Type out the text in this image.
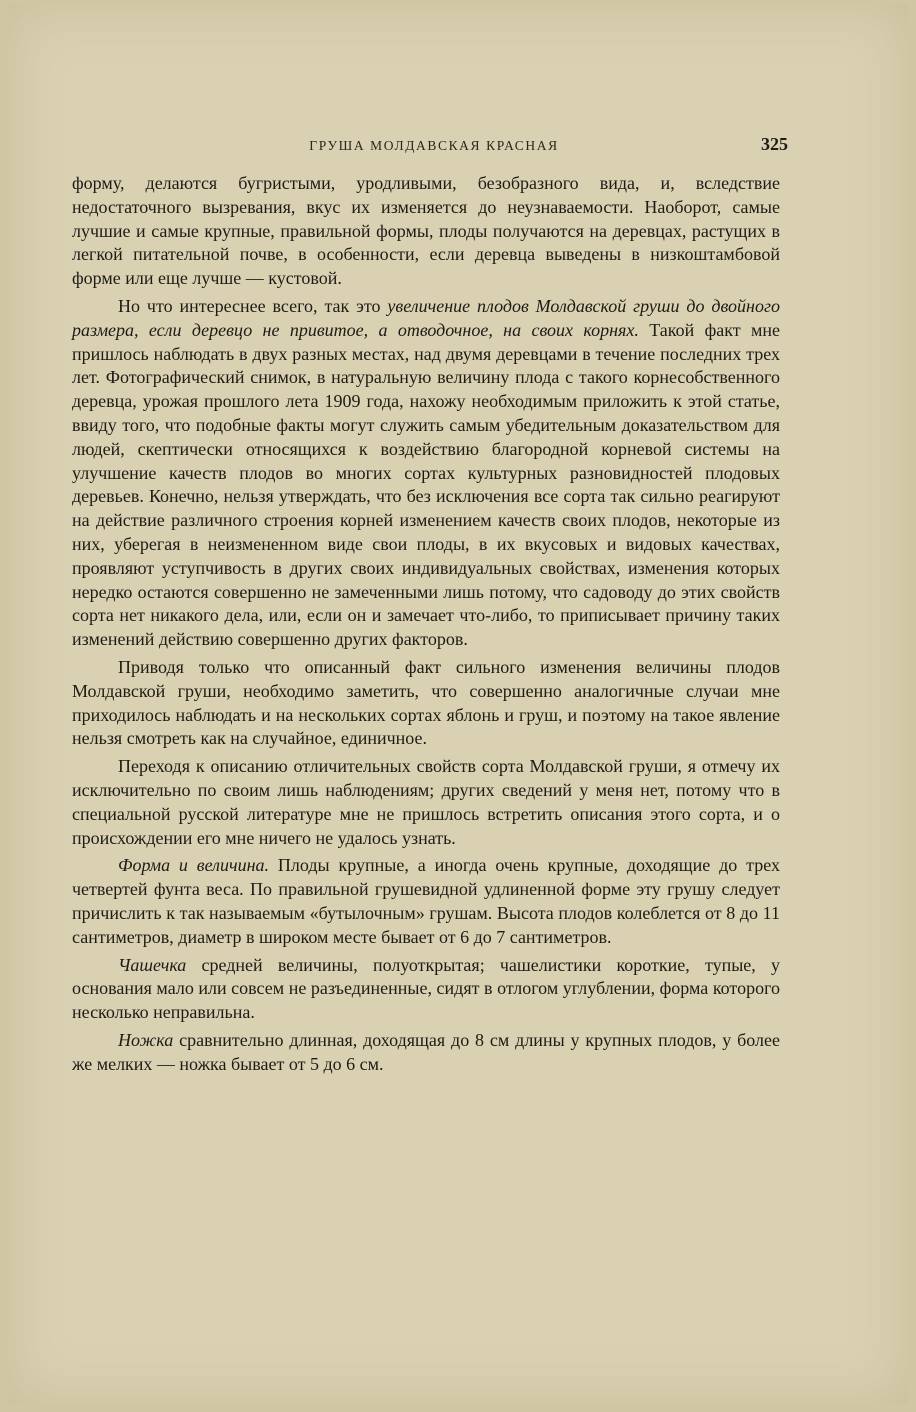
ГРУША МОЛДАВСКАЯ КРАСНАЯ	325

форму, делаются бугристыми, уродливыми, безобразного вида, и, вследствие недостаточного вызревания, вкус их изменяется до неузнаваемости. Наоборот, самые лучшие и самые крупные, правильной формы, плоды получаются на деревцах, растущих в легкой питательной почве, в особенности, если деревца выведены в низкоштамбовой форме или еще лучше — кустовой.

Но что интереснее всего, так это увеличение плодов Молдавской груши до двойного размера, если деревцо не привитое, а отводочное, на своих корнях. Такой факт мне пришлось наблюдать в двух разных местах, над двумя деревцами в течение последних трех лет. Фотографический снимок, в натуральную величину плода с такого корнесобственного деревца, урожая прошлого лета 1909 года, нахожу необходимым приложить к этой статье, ввиду того, что подобные факты могут служить самым убедительным доказательством для людей, скептически относящихся к воздействию благородной корневой системы на улучшение качеств плодов во многих сортах культурных разновидностей плодовых деревьев. Конечно, нельзя утверждать, что без исключения все сорта так сильно реагируют на действие различного строения корней изменением качеств своих плодов, некоторые из них, уберегая в неизмененном виде свои плоды, в их вкусовых и видовых качествах, проявляют уступчивость в других своих индивидуальных свойствах, изменения которых нередко остаются совершенно не замеченными лишь потому, что садоводу до этих свойств сорта нет никакого дела, или, если он и замечает что-либо, то приписывает причину таких изменений действию совершенно других факторов.

Приводя только что описанный факт сильного изменения величины плодов Молдавской груши, необходимо заметить, что совершенно аналогичные случаи мне приходилось наблюдать и на нескольких сортах яблонь и груш, и поэтому на такое явление нельзя смотреть как на случайное, единичное.

Переходя к описанию отличительных свойств сорта Молдавской груши, я отмечу их исключительно по своим лишь наблюдениям; других сведений у меня нет, потому что в специальной русской литературе мне не пришлось встретить описания этого сорта, и о происхождении его мне ничего не удалось узнать.

Форма и величина. Плоды крупные, а иногда очень крупные, доходящие до трех четвертей фунта веса. По правильной грушевидной удлиненной форме эту грушу следует причислить к так называемым «бутылочным» грушам. Высота плодов колеблется от 8 до 11 сантиметров, диаметр в широком месте бывает от 6 до 7 сантиметров.

Чашечка средней величины, полуоткрытая; чашелистики короткие, тупые, у основания мало или совсем не разъединенные, сидят в отлогом углублении, форма которого несколько неправильна.

Ножка сравнительно длинная, доходящая до 8 см длины у крупных плодов, у более же мелких — ножка бывает от 5 до 6 см.
